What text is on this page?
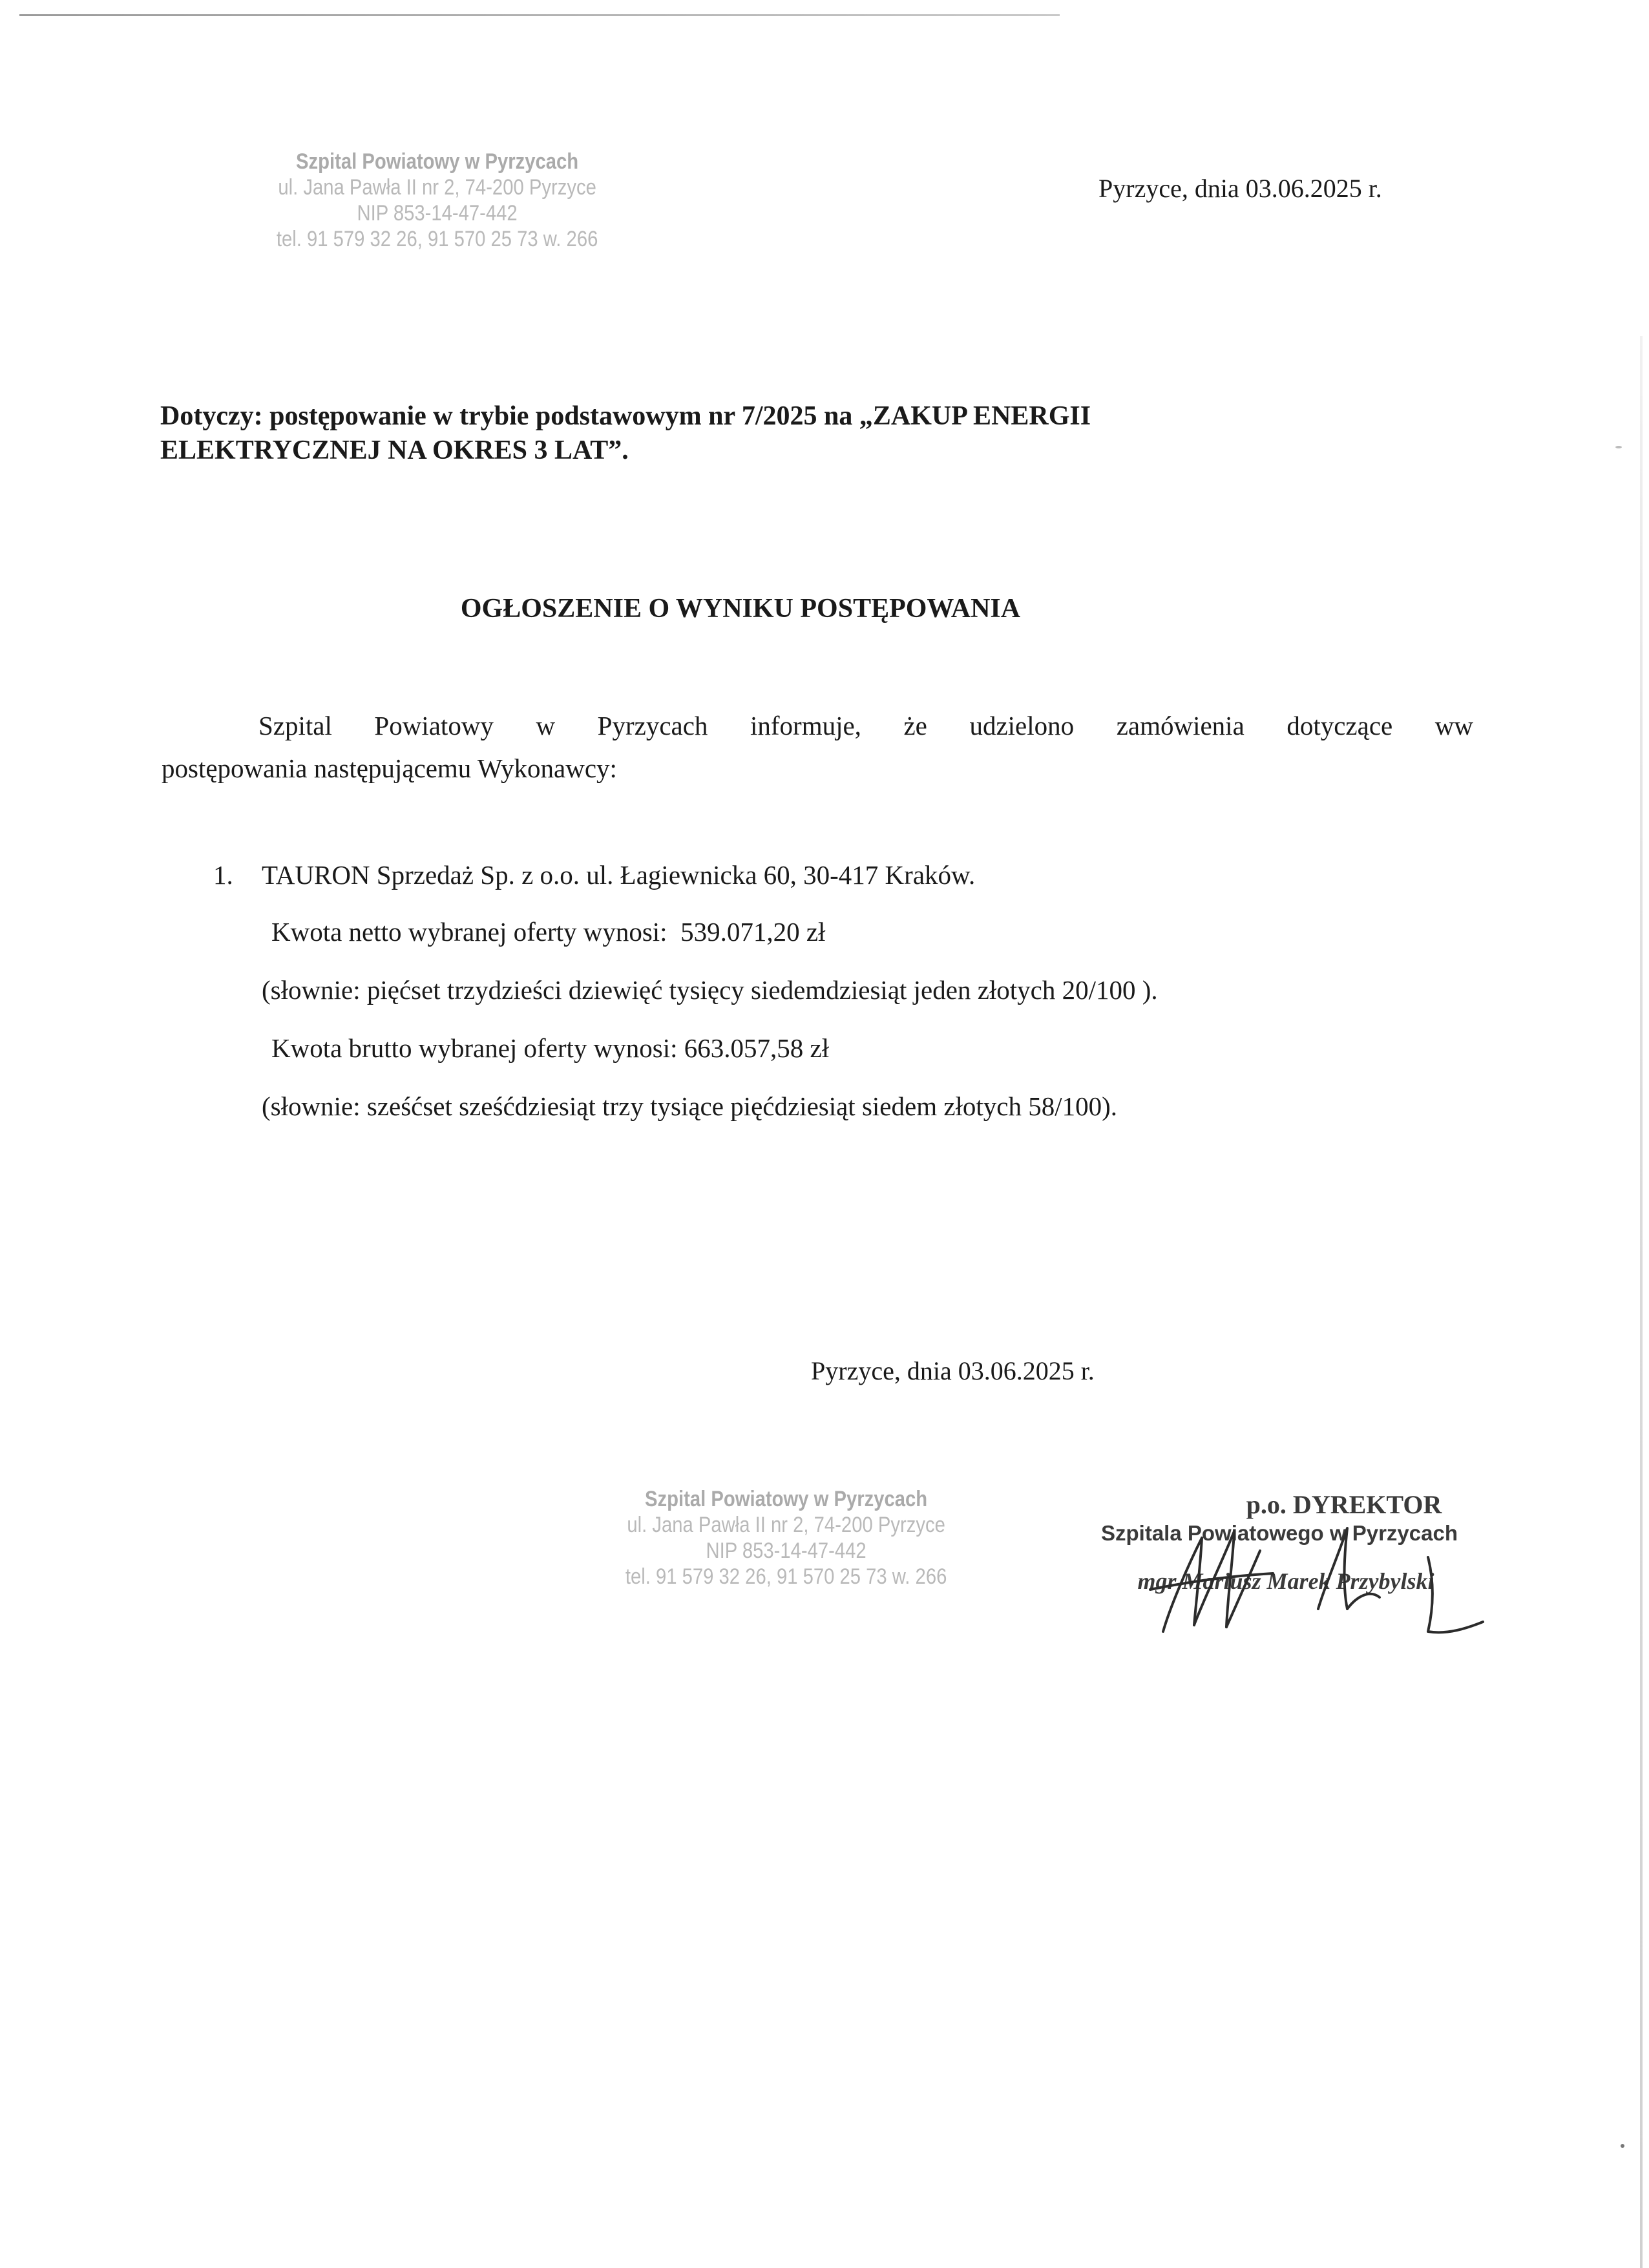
Szpital Powiatowy w Pyrzycach
ul. Jana Pawła II nr 2, 74-200 Pyrzyce
NIP 853-14-47-442
tel. 91 579 32 26, 91 570 25 73 w. 266
Pyrzyce, dnia 03.06.2025 r.
Dotyczy: postępowanie w trybie podstawowym nr 7/2025 na „ZAKUP ENERGII
ELEKTRYCZNEJ NA OKRES 3 LAT”.
OGŁOSZENIE O WYNIKU POSTĘPOWANIA
Szpital Powiatowy w Pyrzycach informuje, że udzielono zamówienia dotyczące ww
postępowania następującemu Wykonawcy:
1. TAURON Sprzedaż Sp. z o.o. ul. Łagiewnicka 60, 30-417 Kraków.
Kwota netto wybranej oferty wynosi: 539.071,20 zł
(słownie: pięćset trzydzieści dziewięć tysięcy siedemdziesiąt jeden złotych 20/100 ).
Kwota brutto wybranej oferty wynosi: 663.057,58 zł
(słownie: sześćset sześćdziesiąt trzy tysiące pięćdziesiąt siedem złotych 58/100).
Pyrzyce, dnia 03.06.2025 r.
Szpital Powiatowy w Pyrzycach
ul. Jana Pawła II nr 2, 74-200 Pyrzyce
NIP 853-14-47-442
tel. 91 579 32 26, 91 570 25 73 w. 266
p.o. DYREKTOR
Szpitala Powiatowego w Pyrzycach
mgr Mariusz Marek Przybylski
